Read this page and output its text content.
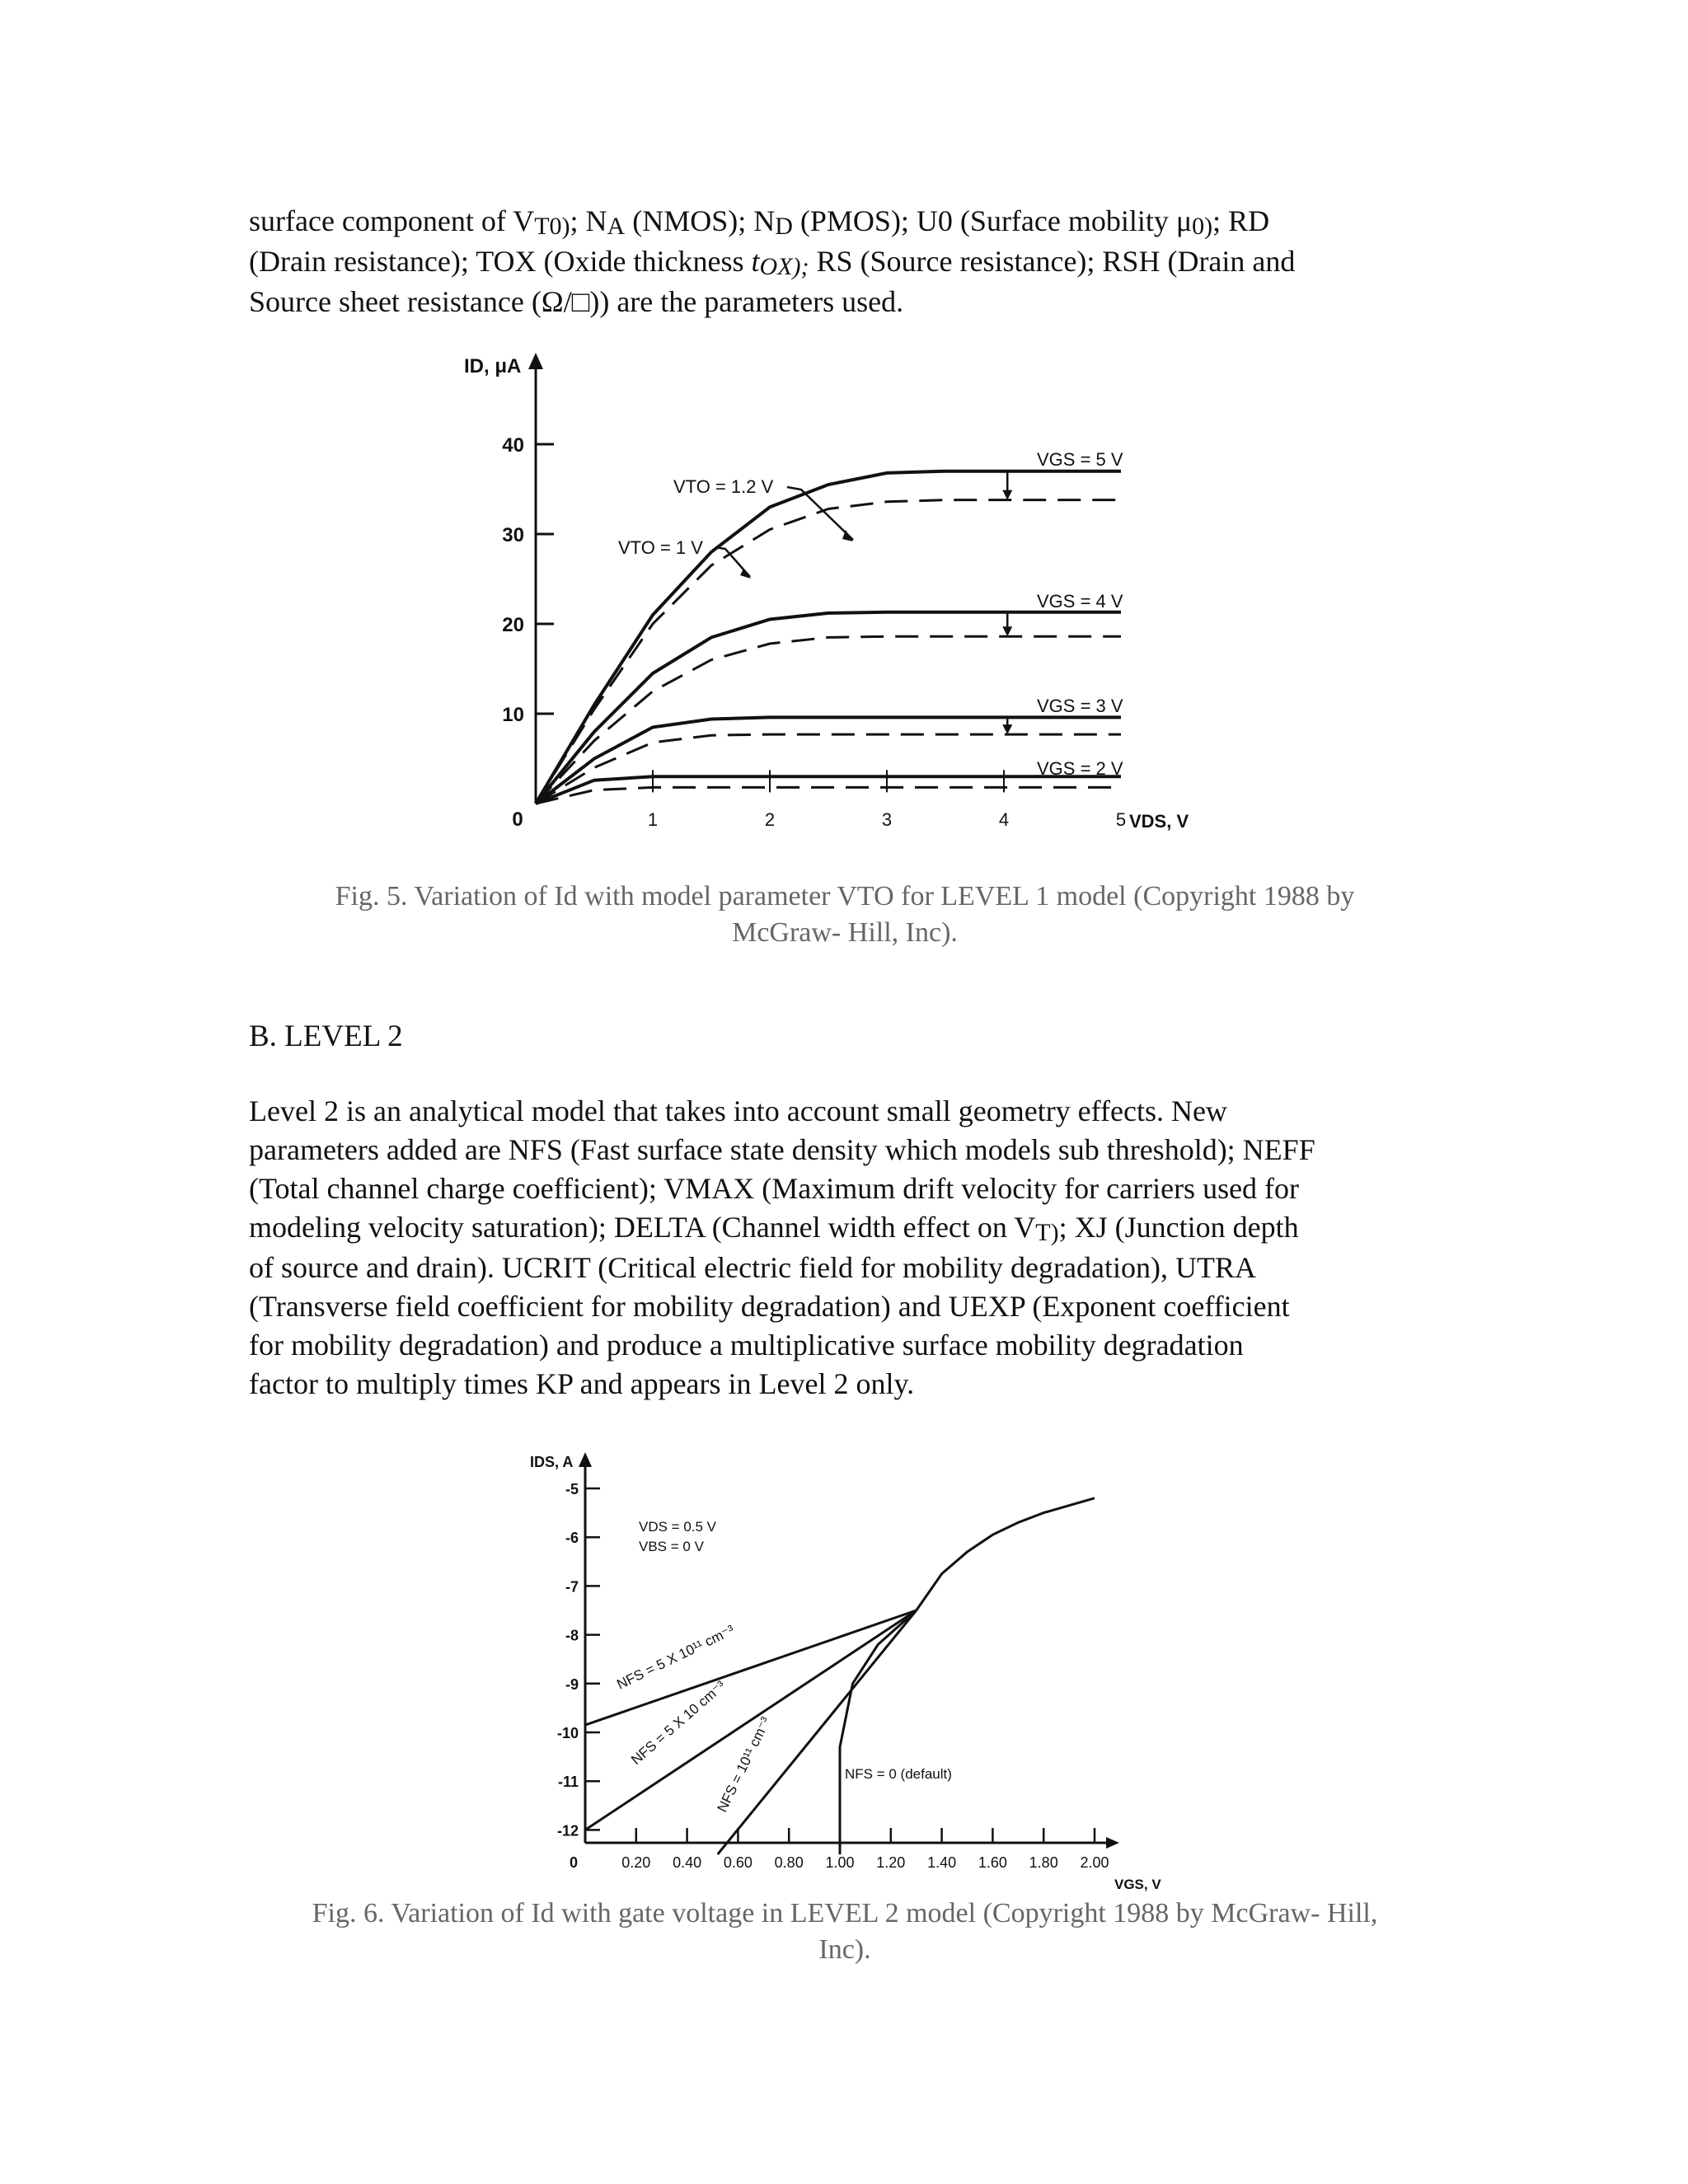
surface component of $V_{T0)}$; $N_A$ (NMOS); $N_D$ (PMOS); U0 (Surface mobility $\mu_{0)}$; RD

(Drain resistance); TOX (Oxide thickness $t_{OX);}$ RS (Source resistance); RSH (Drain and

Source sheet resistance (Ω/□)) are the parameters used.

10
20
30
40
0	1	2	3	4	5 VDS, V
ID, μA
VGS = 5 V
VGS = 4 V
VGS = 3 V
VGS = 2 V
VTO = 1.2 V
VTO = 1 V

Fig. 5. Variation of Id with model parameter VTO for LEVEL 1 model (Copyright 1988 by

McGraw- Hill, Inc).

B. LEVEL 2

Level 2 is an analytical model that takes into account small geometry effects. New

parameters added are NFS (Fast surface state density which models sub threshold); NEFF

(Total channel charge coefficient); VMAX (Maximum drift velocity for carriers used for

modeling velocity saturation); DELTA (Channel width effect on $V_{T)}$; XJ (Junction depth

of source and drain). UCRIT (Critical electric field for mobility degradation), UTRA

(Transverse field coefficient for mobility degradation) and UEXP (Exponent coefficient

for mobility degradation) and produce a multiplicative surface mobility degradation

factor to multiply times KP and appears in Level 2 only.

-5
-6
-7
-8
-9
-10
-11
-12
0.20 0.40 0.60 0.80 1.00 1.20 1.40 1.60 1.80 2.00
0
VGS, V
IDS, A
VDS = 0.5 V
VBS = 0 V
NFS = 5 X 10¹¹ cm⁻³
NFS = 5 X 10 cm⁻³
NFS = 10¹¹ cm⁻³	NFS = 0 (default)

Fig. 6. Variation of Id with gate voltage in LEVEL 2 model (Copyright 1988 by McGraw- Hill,

Inc).
